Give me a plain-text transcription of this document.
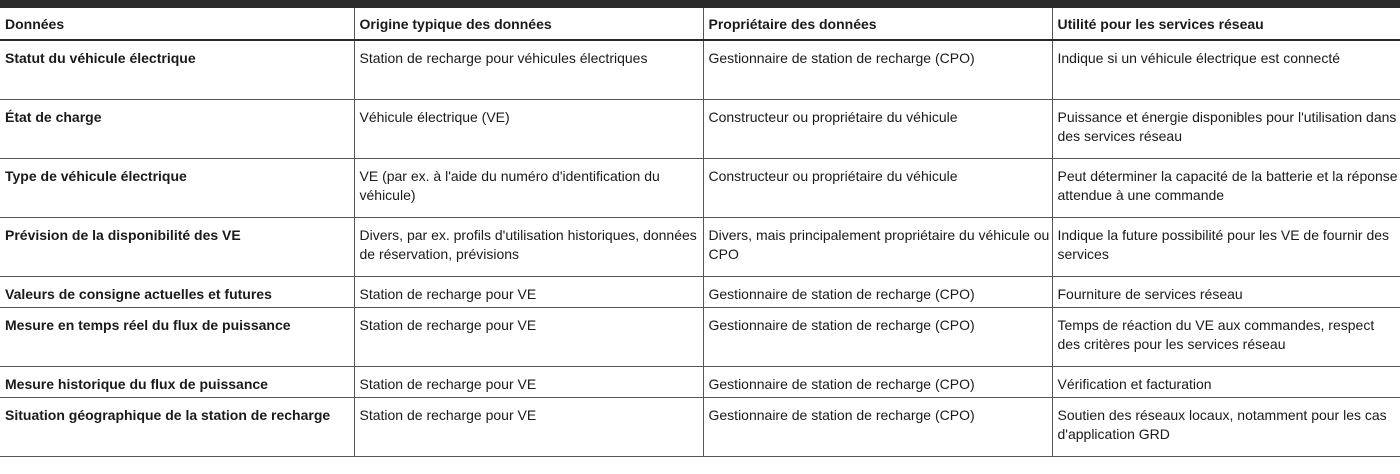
Données	Origine typique des données	Propriétaire des données	Utilité pour les services réseau
Statut du véhicule électrique	Station de recharge pour véhicules électriques	Gestionnaire de station de recharge (CPO)	Indique si un véhicule électrique est connecté
État de charge	Véhicule électrique (VE)	Constructeur ou propriétaire du véhicule	Puissance et énergie disponibles pour l'utilisation dans des services réseau
Type de véhicule électrique	VE (par ex. à l'aide du numéro d'identification du véhicule)	Constructeur ou propriétaire du véhicule	Peut déterminer la capacité de la batterie et la réponse attendue à une commande
Prévision de la disponibilité des VE	Divers, par ex. profils d'utilisation historiques, données de réservation, prévisions	Divers, mais principalement propriétaire du véhicule ou CPO	Indique la future possibilité pour les VE de fournir des services
Valeurs de consigne actuelles et futures	Station de recharge pour VE	Gestionnaire de station de recharge (CPO)	Fourniture de services réseau
Mesure en temps réel du flux de puissance	Station de recharge pour VE	Gestionnaire de station de recharge (CPO)	Temps de réaction du VE aux commandes, respect des critères pour les services réseau
Mesure historique du flux de puissance	Station de recharge pour VE	Gestionnaire de station de recharge (CPO)	Vérification et facturation
Situation géographique de la station de recharge	Station de recharge pour VE	Gestionnaire de station de recharge (CPO)	Soutien des réseaux locaux, notamment pour les cas d'application GRD
